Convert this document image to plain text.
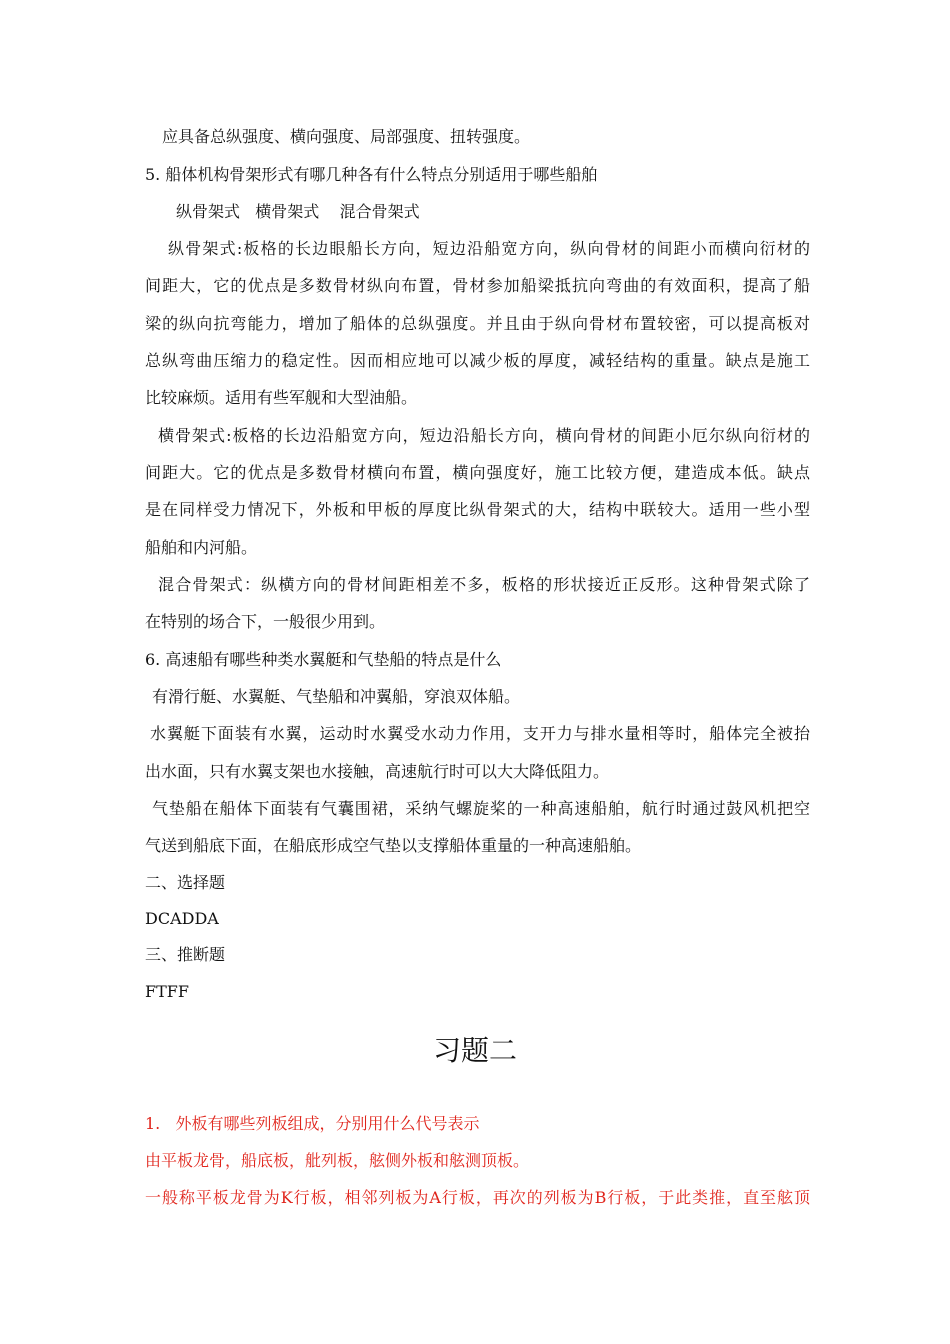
应具备总纵强度、横向强度、局部强度、扭转强度。
5. 船体机构骨架形式有哪几种各有什么特点分别适用于哪些船舶
纵骨架式   横骨架式    混合骨架式
纵骨架式:板格的长边眼船长方向，短边沿船宽方向，纵向骨材的间距小而横向衍材的
间距大，它的优点是多数骨材纵向布置，骨材参加船梁抵抗向弯曲的有效面积，提高了船
梁的纵向抗弯能力，增加了船体的总纵强度。并且由于纵向骨材布置较密，可以提高板对
总纵弯曲压缩力的稳定性。因而相应地可以减少板的厚度，减轻结构的重量。缺点是施工
比较麻烦。适用有些军舰和大型油船。
横骨架式:板格的长边沿船宽方向，短边沿船长方向，横向骨材的间距小厄尔纵向衍材的
间距大。它的优点是多数骨材横向布置，横向强度好，施工比较方便，建造成本低。缺点
是在同样受力情况下，外板和甲板的厚度比纵骨架式的大，结构中联较大。适用一些小型
船舶和内河船。
混合骨架式：纵横方向的骨材间距相差不多，板格的形状接近正反形。这种骨架式除了
在特别的场合下，一般很少用到。
6. 高速船有哪些种类水翼艇和气垫船的特点是什么
有滑行艇、水翼艇、气垫船和冲翼船，穿浪双体船。
水翼艇下面装有水翼，运动时水翼受水动力作用，支开力与排水量相等时，船体完全被抬
出水面，只有水翼支架也水接触，高速航行时可以大大降低阻力。
气垫船在船体下面装有气囊围裙，采纳气螺旋桨的一种高速船舶，航行时通过鼓风机把空
气送到船底下面，在船底形成空气垫以支撑船体重量的一种高速船舶。
二、选择题
DCADDA
三、推断题
FTFF
习题二
1.   外板有哪些列板组成，分别用什么代号表示
由平板龙骨，船底板，舭列板，舷侧外板和舷测顶板。
一般称平板龙骨为K行板，相邻列板为A行板，再次的列板为B行板，于此类推，直至舷顶
